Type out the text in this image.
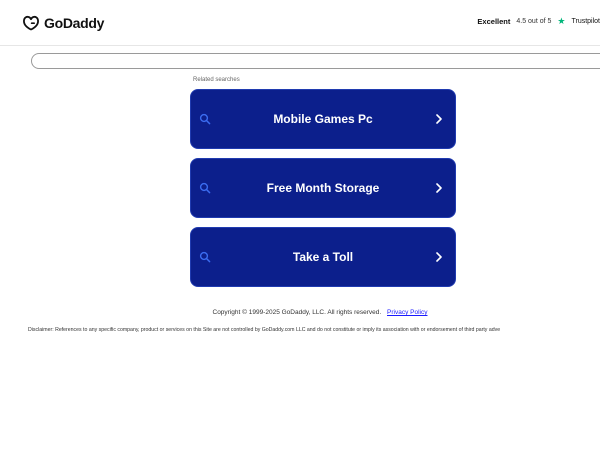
GoDaddy	Excellent 4.5 out of 5 ★ Trustpilot
Related searches
Mobile Games Pc
Free Month Storage
Take a Toll
Copyright © 1999-2025 GoDaddy, LLC. All rights reserved. Privacy Policy
Disclaimer: References to any specific company, product or services on this Site are not controlled by GoDaddy.com LLC and do not constitute or imply its association with or endorsement of third party adve
